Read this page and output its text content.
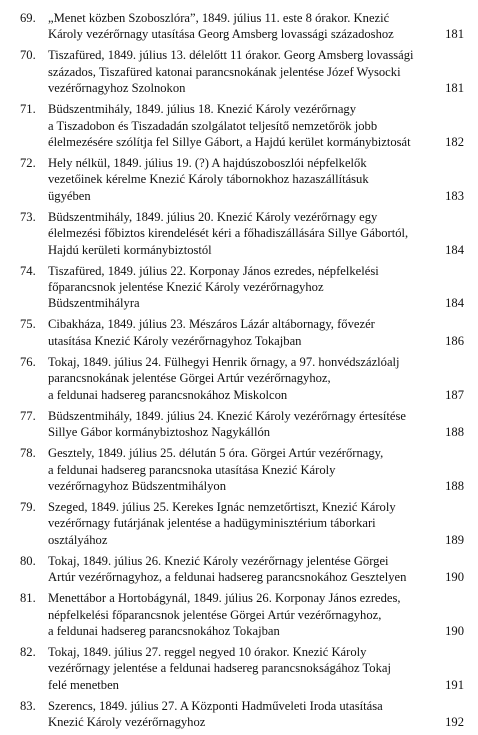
69. „Menet közben Szoboszlóra”, 1849. július 11. este 8 órakor. Knezić
Károly vezérőrnagy utasítása Georg Amsberg lovassági századoshoz	181
70. Tiszafüred, 1849. július 13. délelőtt 11 órakor. Georg Amsberg lovassági
százados, Tiszafüred katonai parancsnokának jelentése Józef Wysocki
vezérőrnagyhoz Szolnokon	181
71. Büdszentmihály, 1849. július 18. Knezić Károly vezérőrnagy
a Tiszadobon és Tiszadadán szolgálatot teljesítő nemzetőrök jobb
élelmezésére szólítja fel Sillye Gábort, a Hajdú kerület kormánybiztosát	182
72. Hely nélkül, 1849. július 19. (?) A hajdúszoboszlói népfelkelők
vezetőinek kérelme Knezić Károly tábornokhoz hazaszállításuk
ügyében	183
73. Büdszentmihály, 1849. július 20. Knezić Károly vezérőrnagy egy
élelmezési főbiztos kirendelését kéri a főhadiszállására Sillye Gábortól,
Hajdú kerületi kormánybiztostól	184
74. Tiszafüred, 1849. július 22. Korponay János ezredes, népfelkelési
főparancsnok jelentése Knezić Károly vezérőrnagyhoz
Büdszentmihályra	184
75. Cibakháza, 1849. július 23. Mészáros Lázár altábornagy, fővezér
utasítása Knezić Károly vezérőrnagyhoz Tokajban	186
76. Tokaj, 1849. július 24. Fülhegyi Henrik őrnagy, a 97. honvédszázlóalj
parancsnokának jelentése Görgei Artúr vezérőrnagyhoz,
a feldunai hadsereg parancsnokához Miskolcon	187
77. Büdszentmihály, 1849. július 24. Knezić Károly vezérőrnagy értesítése
Sillye Gábor kormánybiztoshoz Nagykállón	188
78. Gesztely, 1849. július 25. délután 5 óra. Görgei Artúr vezérőrnagy,
a feldunai hadsereg parancsnoka utasítása Knezić Károly
vezérőrnagyhoz Büdszentmihályon	188
79. Szeged, 1849. július 25. Kerekes Ignác nemzetőrtiszt, Knezić Károly
vezérőrnagy futárjának jelentése a hadügyminisztérium táborkari
osztályához	189
80. Tokaj, 1849. július 26. Knezić Károly vezérőrnagy jelentése Görgei
Artúr vezérőrnagyhoz, a feldunai hadsereg parancsnokához Gesztelyen	190
81. Menettábor a Hortobágynál, 1849. július 26. Korponay János ezredes,
népfelkelési főparancsnok jelentése Görgei Artúr vezérőrnagyhoz,
a feldunai hadsereg parancsnokához Tokajban	190
82. Tokaj, 1849. július 27. reggel negyed 10 órakor. Knezić Károly
vezérőrnagy jelentése a feldunai hadsereg parancsnokságához Tokaj
felé menetben	191
83. Szerencs, 1849. július 27. A Központi Hadműveleti Iroda utasítása
Knezić Károly vezérőrnagyhoz	192
